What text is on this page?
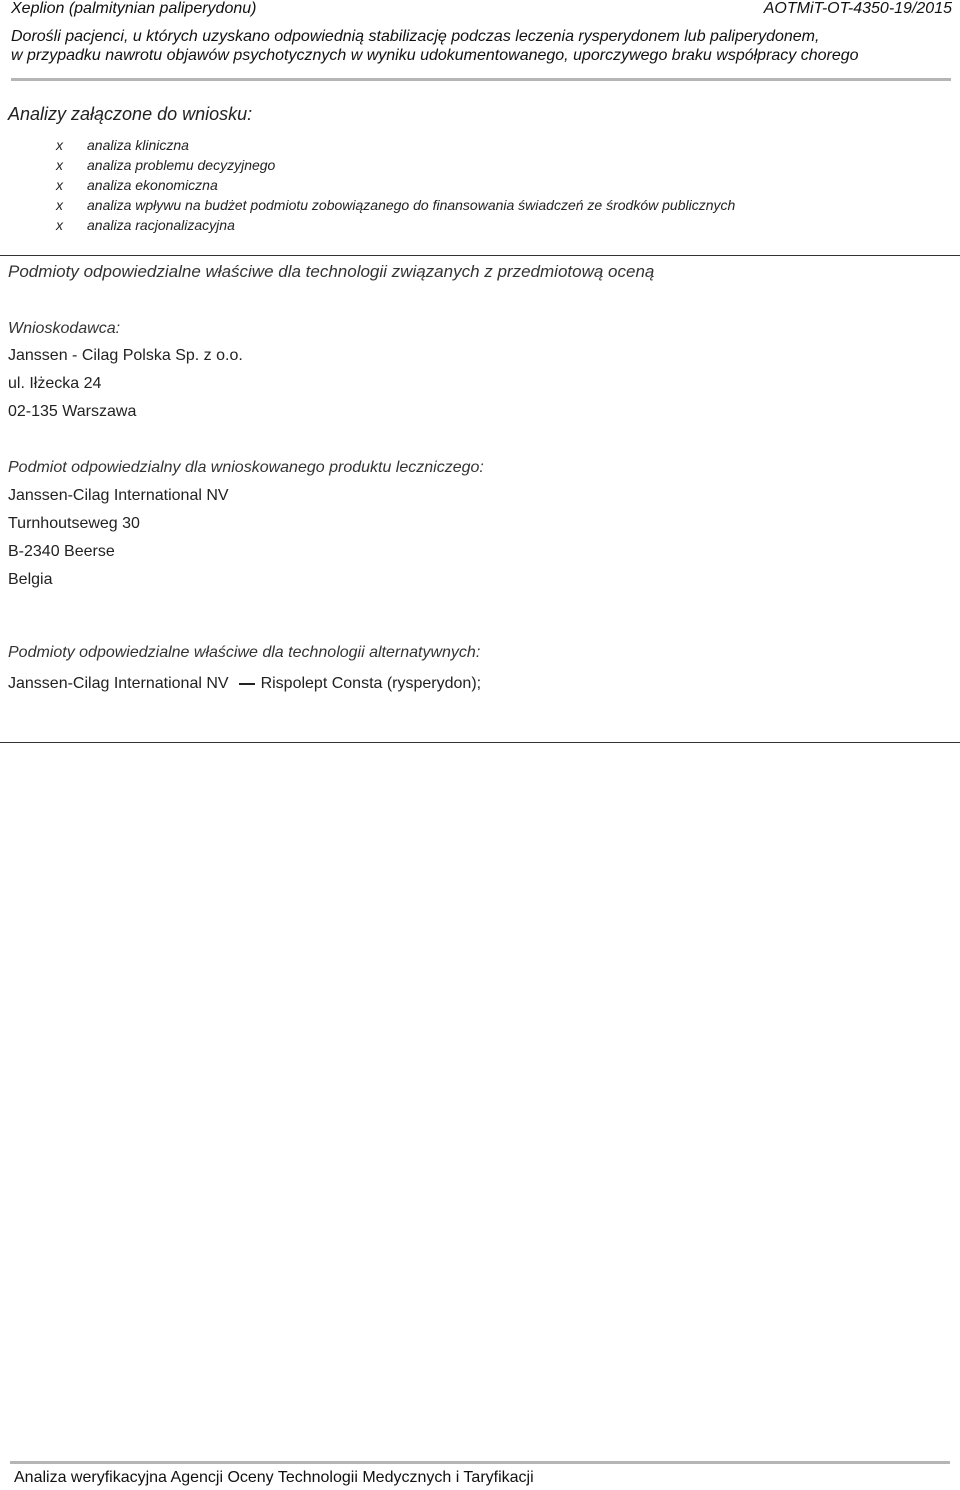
Xeplion (palmitynian paliperydonu)	AOTMiT-OT-4350-19/2015
Dorośli pacjenci, u których uzyskano odpowiednią stabilizację podczas leczenia rysperydonem lub paliperydonem,
w przypadku nawrotu objawów psychotycznych w wyniku udokumentowanego, uporczywego braku współpracy chorego
Analizy załączone do wniosku:
x	analiza kliniczna
x	analiza problemu decyzyjnego
x	analiza ekonomiczna
x	analiza wpływu na budżet podmiotu zobowiązanego do finansowania świadczeń ze środków publicznych
x	analiza racjonalizacyjna
Podmioty odpowiedzialne właściwe dla technologii związanych z przedmiotową oceną
Wnioskodawca:
Janssen - Cilag Polska Sp. z o.o.
ul. Iłżecka 24
02-135 Warszawa
Podmiot odpowiedzialny dla wnioskowanego produktu leczniczego:
Janssen-Cilag International NV
Turnhoutseweg 30
B-2340 Beerse
Belgia
Podmioty odpowiedzialne właściwe dla technologii alternatywnych:
Janssen-Cilag International NV Rispolept Consta (rysperydon);
Analiza weryfikacyjna Agencji Oceny Technologii Medycznych i Taryfikacji
